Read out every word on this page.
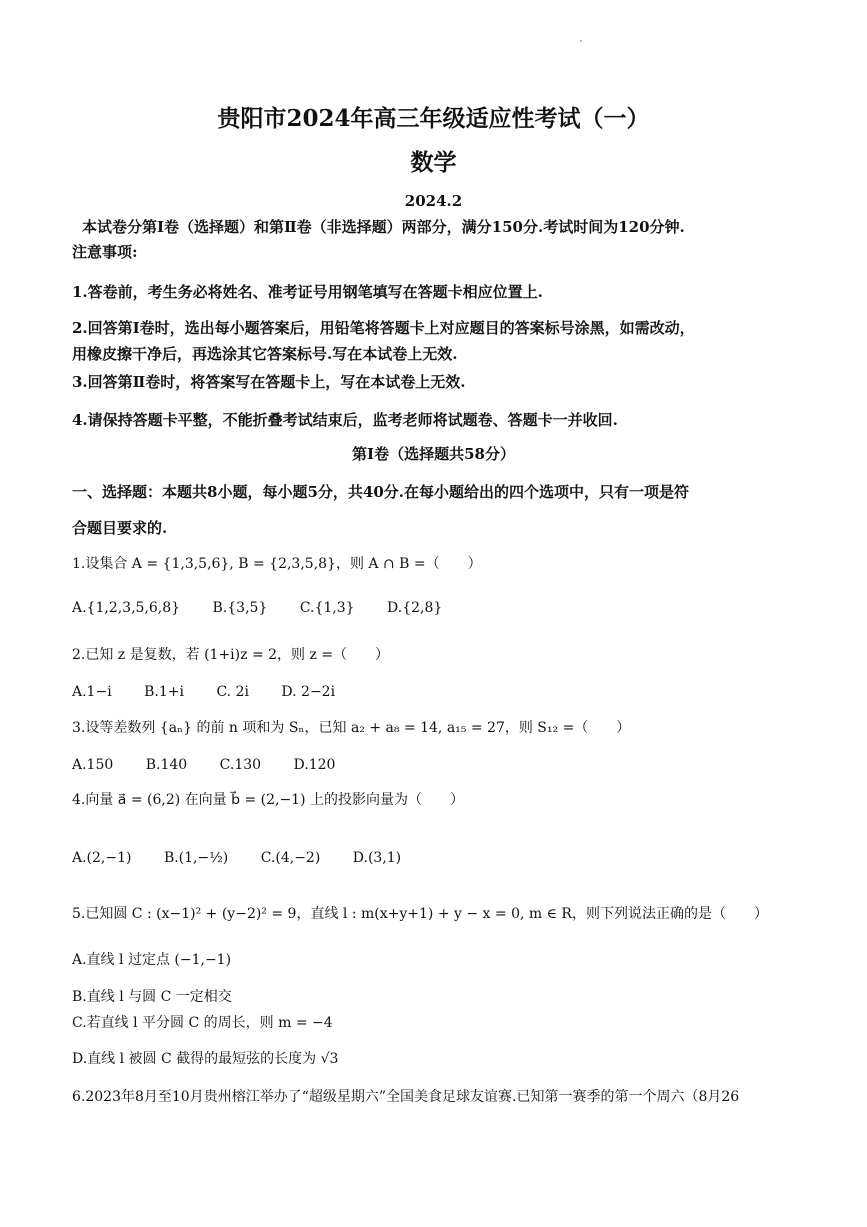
贵阳市2024年高三年级适应性考试（一）
数学
2024.2
本试卷分第Ⅰ卷（选择题）和第Ⅱ卷（非选择题）两部分，满分150分.考试时间为120分钟.
注意事项:
1.答卷前，考生务必将姓名、准考证号用钢笔填写在答题卡相应位置上.
2.回答第Ⅰ卷时，选出每小题答案后，用铅笔将答题卡上对应题目的答案标号涂黑，如需改动，
用橡皮擦干净后，再选涂其它答案标号.写在本试卷上无效.
3.回答第Ⅱ卷时，将答案写在答题卡上，写在本试卷上无效.
4.请保持答题卡平整，不能折叠考试结束后，监考老师将试题卷、答题卡一并收回.
第Ⅰ卷（选择题共58分）
一、选择题：本题共8小题，每小题5分，共40分.在每小题给出的四个选项中，只有一项是符
合题目要求的.
1.设集合 A = {1,3,5,6}, B = {2,3,5,8}，则 A ∩ B =（　　）
A.{1,2,3,5,6,8} B.{3,5} C.{1,3} D.{2,8}
2.已知 z 是复数，若 (1+i)z = 2，则 z =（　　）
A.1−i B.1+i C. 2i D. 2−2i
3.设等差数列 {aₙ} 的前 n 项和为 Sₙ，已知 a₂ + a₈ = 14, a₁₅ = 27，则 S₁₂ =（　　）
A.150 B.140 C.130 D.120
4.向量 a⃗ = (6,2) 在向量 b⃗ = (2,−1) 上的投影向量为（　　）
A.(2,−1) B.(1,−½) C.(4,−2) D.(3,1)
5.已知圆 C : (x−1)² + (y−2)² = 9，直线 l : m(x+y+1) + y − x = 0, m ∈ R，则下列说法正确的是（　　）
A.直线 l 过定点 (−1,−1)
B.直线 l 与圆 C 一定相交
C.若直线 l 平分圆 C 的周长，则 m = −4
D.直线 l 被圆 C 截得的最短弦的长度为 √3
6.2023年8月至10月贵州榕江举办了“超级星期六”全国美食足球友谊赛.已知第一赛季的第一个周六（8月26
